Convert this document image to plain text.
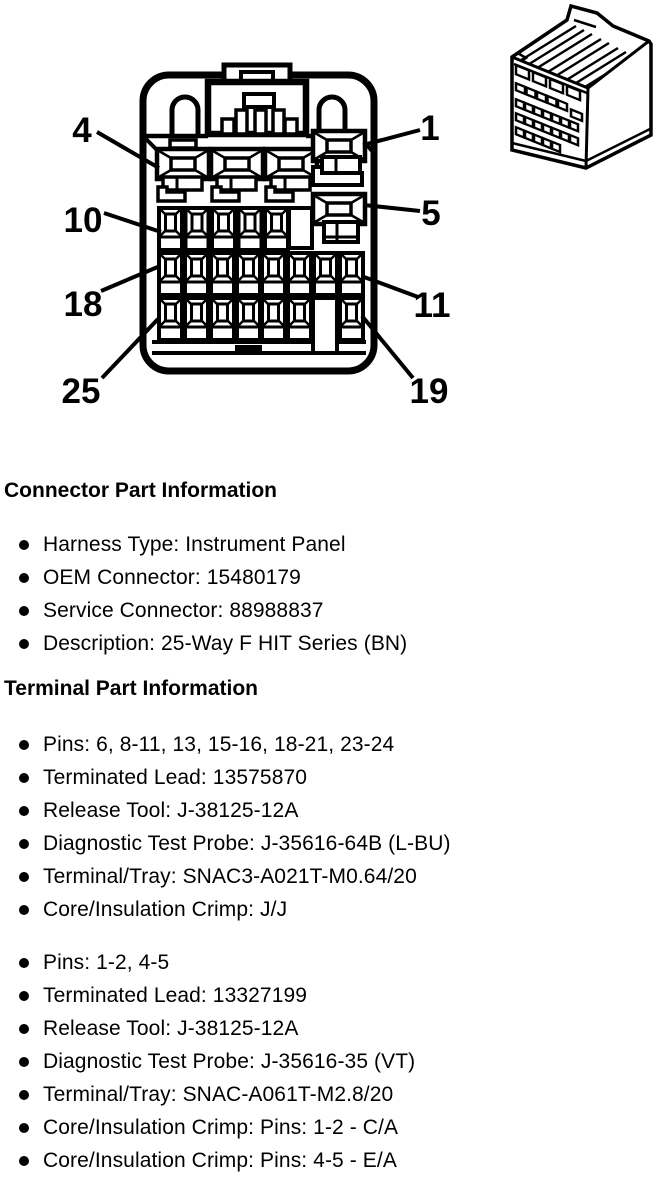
4	1
10	5
18	11
25	19
Connector Part Information
Harness Type: Instrument Panel
OEM Connector: 15480179
Service Connector: 88988837
Description: 25-Way F HIT Series (BN)
Terminal Part Information
Pins: 6, 8-11, 13, 15-16, 18-21, 23-24
Terminated Lead: 13575870
Release Tool: J-38125-12A
Diagnostic Test Probe: J-35616-64B (L-BU)
Terminal/Tray: SNAC3-A021T-M0.64/20
Core/Insulation Crimp: J/J
Pins: 1-2, 4-5
Terminated Lead: 13327199
Release Tool: J-38125-12A
Diagnostic Test Probe: J-35616-35 (VT)
Terminal/Tray: SNAC-A061T-M2.8/20
Core/Insulation Crimp: Pins: 1-2 - C/A
Core/Insulation Crimp: Pins: 4-5 - E/A
